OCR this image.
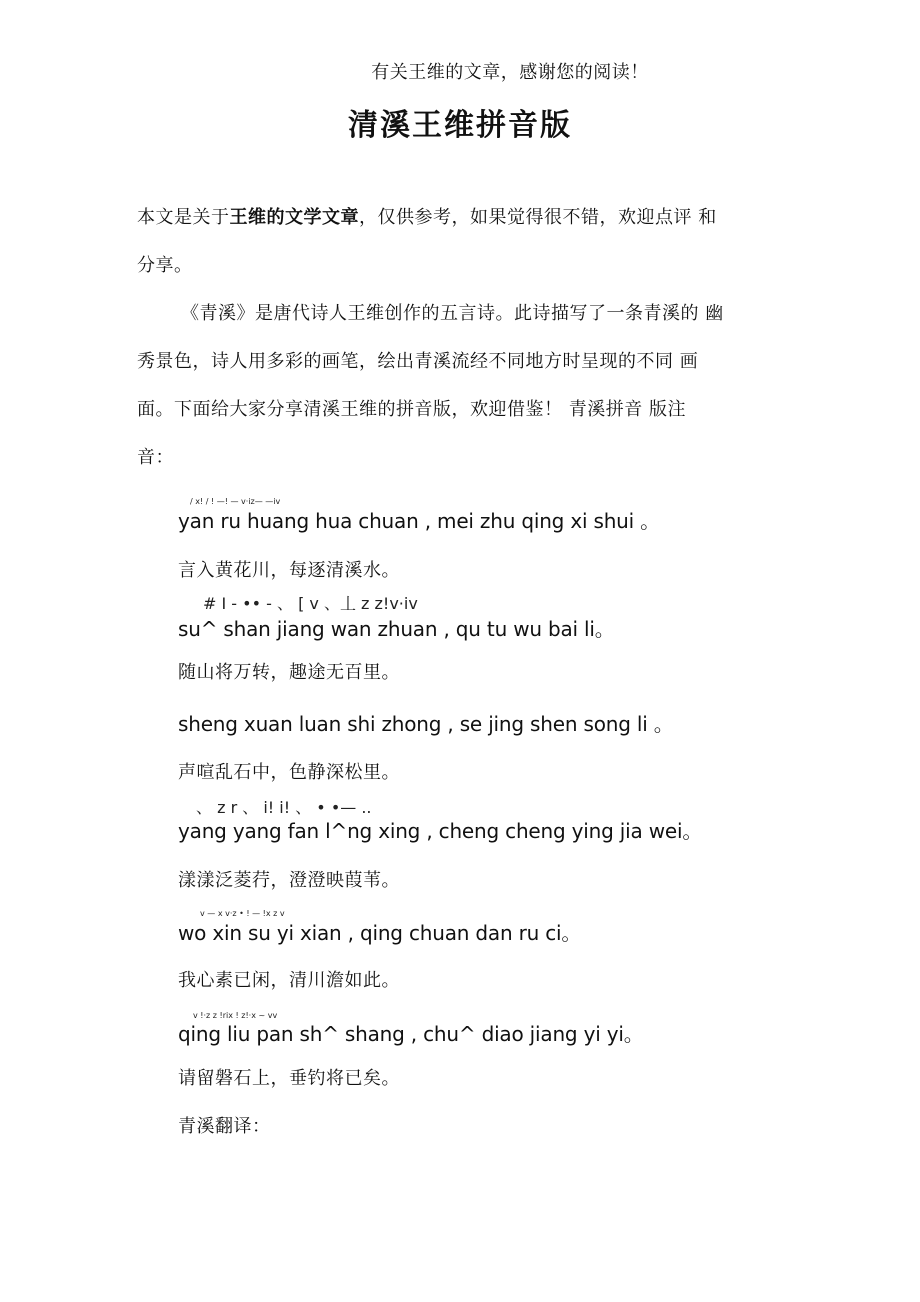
有关王维的文章，感谢您的阅读！
清溪王维拼音版
本文是关于王维的文学文章，仅供参考，如果觉得很不错，欢迎点评 和
分享。
《青溪》是唐代诗人王维创作的五言诗。此诗描写了一条青溪的 幽
秀景色，诗人用多彩的画笔，绘出青溪流经不同地方时呈现的不同 画
面。下面给大家分享清溪王维的拼音版，欢迎借鉴！ 青溪拼音 版注
音：
/ x! / ! —! — v·iz— —iv
yan ru huang hua chuan , mei zhu qing xi shui 。
言入黄花川，每逐清溪水。
# I - •• - 、 [ v 、丄 z z!v·iv
su^ shan jiang wan zhuan , qu tu wu bai li。
随山将万转，趣途无百里。
sheng xuan luan shi zhong , se jing shen song li 。
声喧乱石中，色静深松里。
、 z r 、 i! i! 、 • •— ..
yang yang fan l^ng xing , cheng cheng ying jia wei。
漾漾泛菱荇，澄澄映葭苇。
v — x v·z • ! — !x z v
wo xin su yi xian , qing chuan dan ru ci。
我心素已闲，清川澹如此。
v !·z z !rix ! z!·x ~ vv
qing liu pan sh^ shang , chu^ diao jiang yi yi。
请留磐石上，垂钓将已矣。
青溪翻译：
